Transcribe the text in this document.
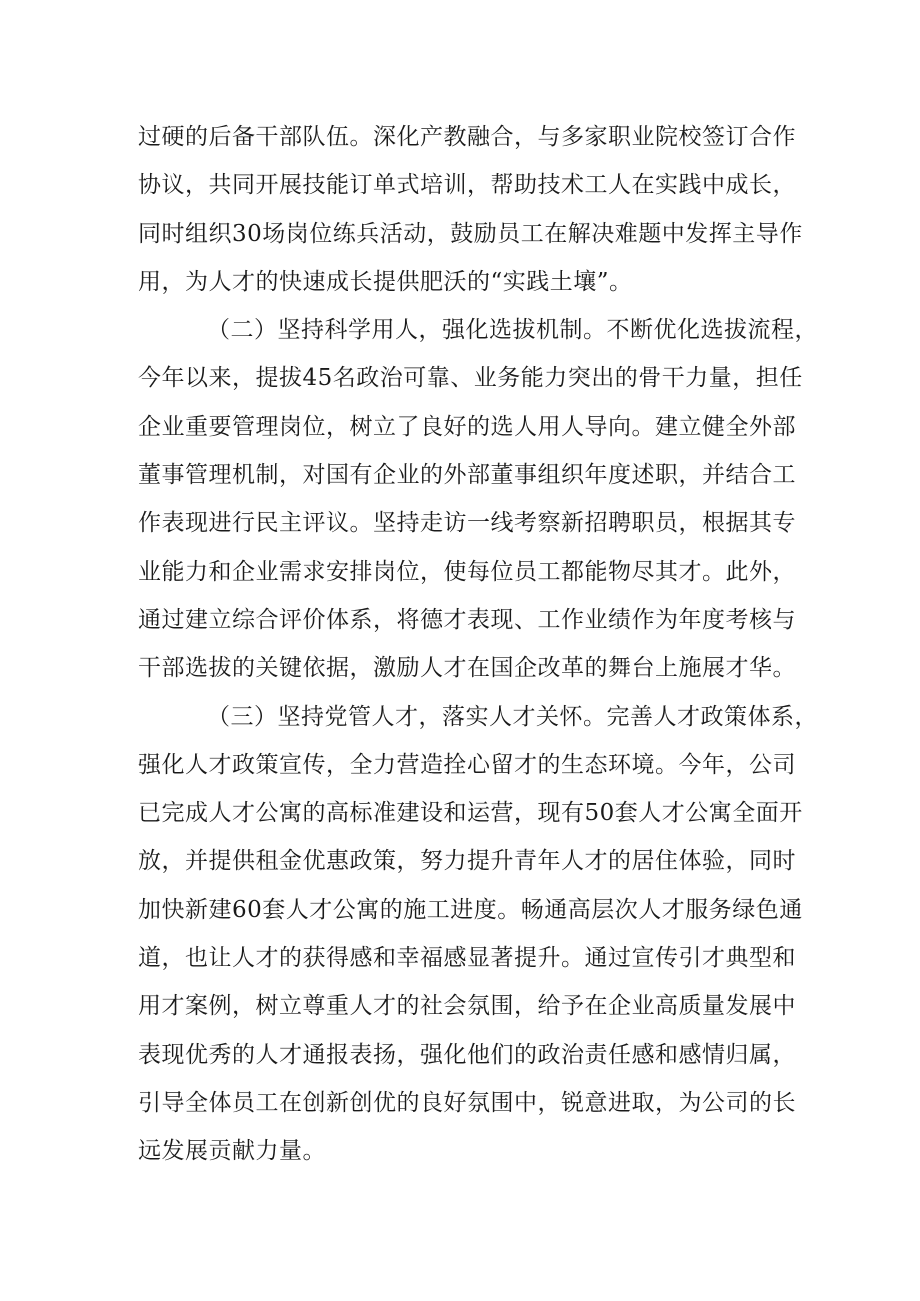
过硬的后备干部队伍。深化产教融合，与多家职业院校签订合作
协议，共同开展技能订单式培训，帮助技术工人在实践中成长，
同时组织30场岗位练兵活动，鼓励员工在解决难题中发挥主导作
用，为人才的快速成长提供肥沃的“实践土壤”。
（二）坚持科学用人，强化选拔机制。不断优化选拔流程，
今年以来，提拔45名政治可靠、业务能力突出的骨干力量，担任
企业重要管理岗位，树立了良好的选人用人导向。建立健全外部
董事管理机制，对国有企业的外部董事组织年度述职，并结合工
作表现进行民主评议。坚持走访一线考察新招聘职员，根据其专
业能力和企业需求安排岗位，使每位员工都能物尽其才。此外，
通过建立综合评价体系，将德才表现、工作业绩作为年度考核与
干部选拔的关键依据，激励人才在国企改革的舞台上施展才华。
（三）坚持党管人才，落实人才关怀。完善人才政策体系，
强化人才政策宣传，全力营造拴心留才的生态环境。今年，公司
已完成人才公寓的高标准建设和运营，现有50套人才公寓全面开
放，并提供租金优惠政策，努力提升青年人才的居住体验，同时
加快新建60套人才公寓的施工进度。畅通高层次人才服务绿色通
道，也让人才的获得感和幸福感显著提升。通过宣传引才典型和
用才案例，树立尊重人才的社会氛围，给予在企业高质量发展中
表现优秀的人才通报表扬，强化他们的政治责任感和感情归属，
引导全体员工在创新创优的良好氛围中，锐意进取，为公司的长
远发展贡献力量。
